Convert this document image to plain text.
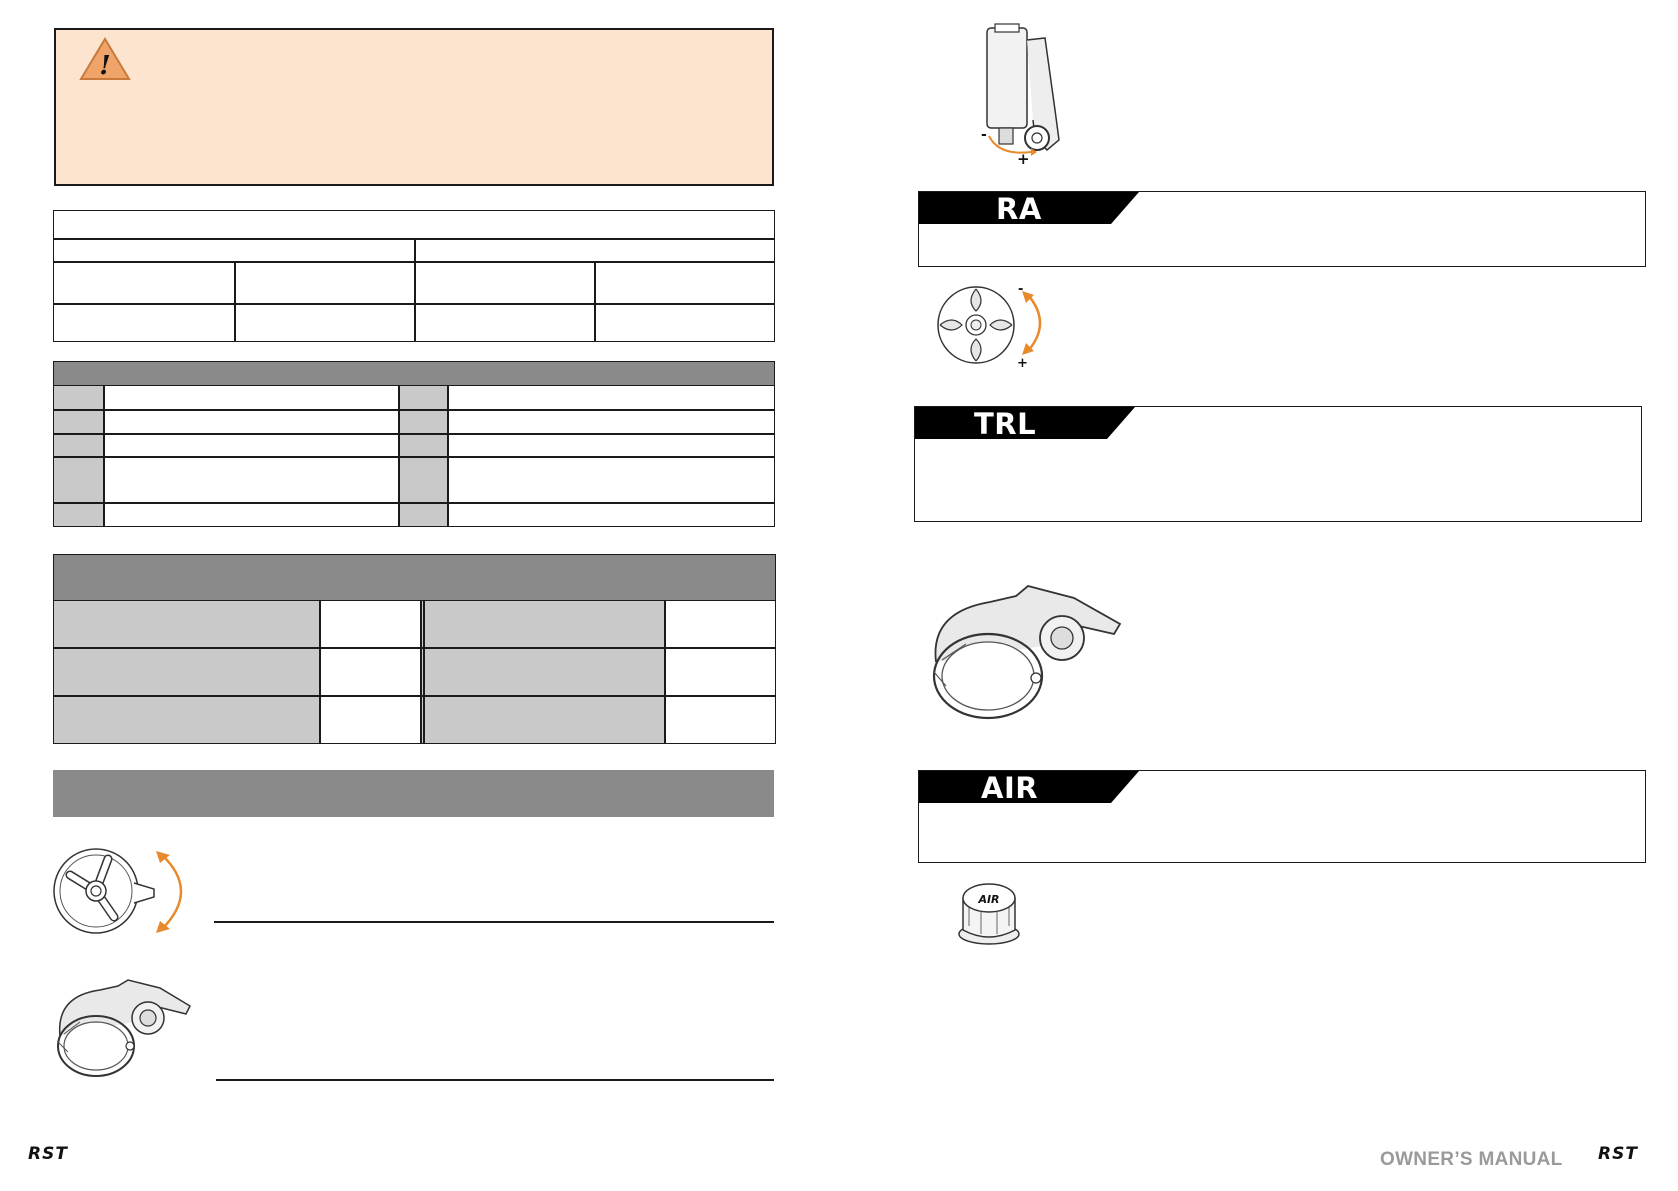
!
RST
-
+
RA
-
+
TRL
AIR
AIR
OWNER’S MANUAL RST
